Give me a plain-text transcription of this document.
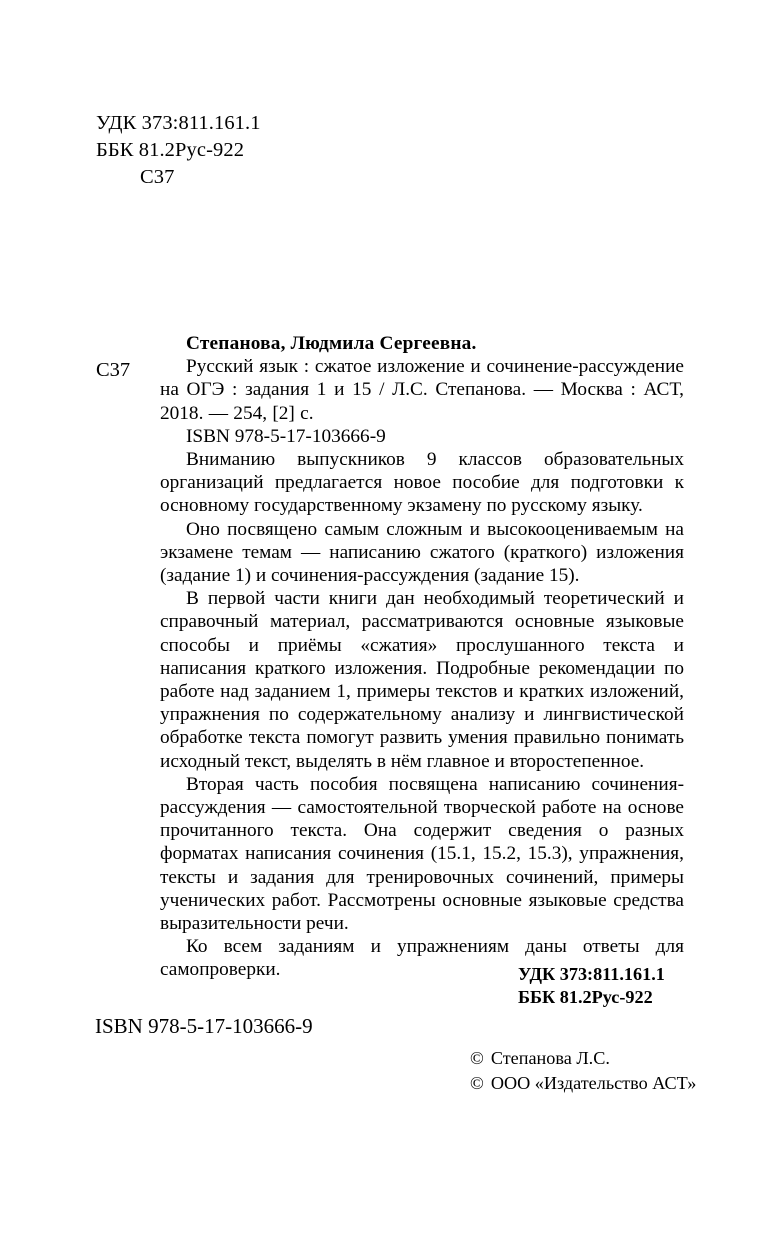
УДК 373:811.161.1
ББК 81.2Рус-922
С37
С37

Степанова, Людмила Сергеевна.

Русский язык : сжатое изложение и сочинение-рассуждение на ОГЭ : задания 1 и 15 / Л.С. Степанова. — Москва : АСТ, 2018. — 254, [2] с.

ISBN 978-5-17-103666-9

Вниманию выпускников 9 классов образовательных организаций предлагается новое пособие для подготовки к основному государственному экзамену по русскому языку.

Оно посвящено самым сложным и высокооцениваемым на экзамене темам — написанию сжатого (краткого) изложения (задание 1) и сочинения-рассуждения (задание 15).

В первой части книги дан необходимый теоретический и справочный материал, рассматриваются основные языковые способы и приёмы «сжатия» прослушанного текста и написания краткого изложения. Подробные рекомендации по работе над заданием 1, примеры текстов и кратких изложений, упражнения по содержательному анализу и лингвистической обработке текста помогут развить умения правильно понимать исходный текст, выделять в нём главное и второстепенное.

Вторая часть пособия посвящена написанию сочинения-рассуждения — самостоятельной творческой работе на основе прочитанного текста. Она содержит сведения о разных форматах написания сочинения (15.1, 15.2, 15.3), упражнения, тексты и задания для тренировочных сочинений, примеры ученических работ. Рассмотрены основные языковые средства выразительности речи.

Ко всем заданиям и упражнениям даны ответы для самопроверки.	УДК 373:811.161.1
ББК 81.2Рус-922
ISBN 978-5-17-103666-9
© Степанова Л.С.
© ООО «Издательство АСТ»
